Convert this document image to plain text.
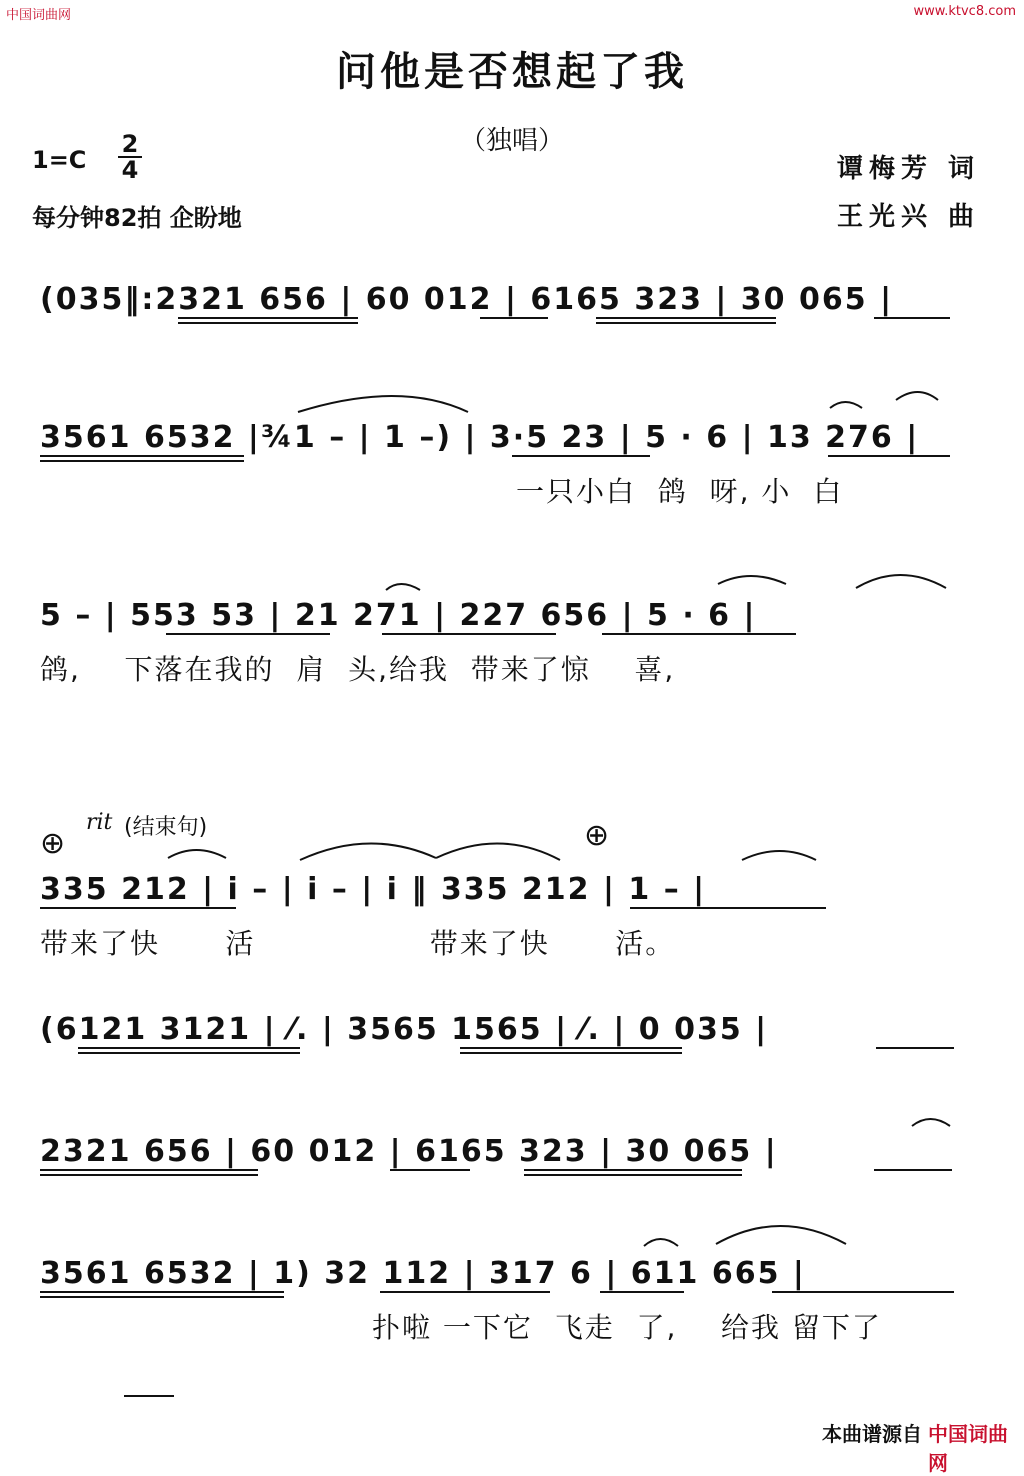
中国词曲网	www.ktvc8.com
问他是否想起了我
（独唱）
1=C
2
4
每分钟82拍 企盼地
谭梅芳 词
王光兴 曲
(035‖:2321 656 | 60 012 | 6165 323 | 30 065 |
3561 6532 |¾1 – | 1 –) | 3·5 23 | 5 · 6 | 13 276 |
一只小白  鸽  呀, 小  白
5 – | 553 53 | 21 271 | 227 656 | 5 · 6 |
鸽,    下落在我的  肩  头,给我  带来了惊    喜,
⊕
rit (结束句)	⊕
335 212 | i – | i – | i ‖ 335 212 | 1 – |
带来了快      活                带来了快      活。
(6121 3121 | ⁄. | 3565 1565 | ⁄. | 0 035 |
2321 656 | 60 012 | 6165 323 | 30 065 |
3561 6532 | 1) 32 112 | 317 6 | 611 665 |
扑啦 一下它  飞走  了,    给我 留下了
本曲谱源自 中国词曲网
